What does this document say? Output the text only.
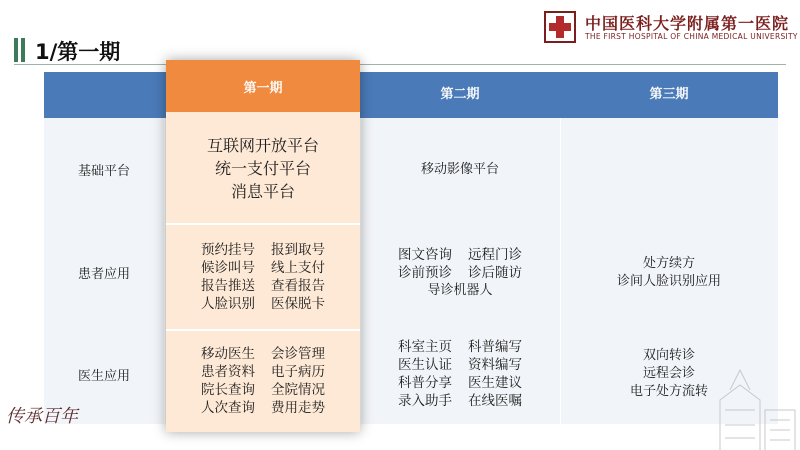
1/第一期
中国医科大学附属第一医院
THE FIRST HOSPITAL OF CHINA MEDICAL UNIVERSITY
第二期	第三期
基础平台	移动影像平台
患者应用
图文咨询 远程门诊
诊前预诊 诊后随访
导诊机器人
处方续方
诊间人脸识别应用
医生应用
科室主页 科普编写
医生认证 资料编写
科普分享 医生建议
录入助手 在线医嘱
双向转诊
远程会诊
电子处方流转
第一期
互联网开放平台
统一支付平台
消息平台
预约挂号 报到取号
候诊叫号 线上支付
报告推送 查看报告
人脸识别 医保脱卡
移动医生 会诊管理
患者资料 电子病历
院长查询 全院情况
人次查询 费用走势
传承百年
